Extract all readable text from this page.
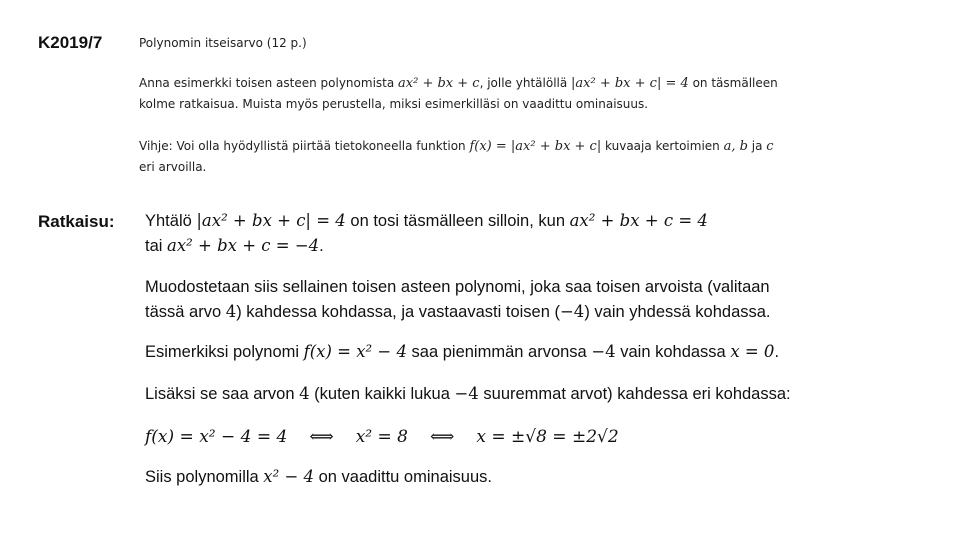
K2019/7	Polynomin itseisarvo (12 p.)
Anna esimerkki toisen asteen polynomista ax² + bx + c, jolle yhtälöllä |ax² + bx + c| = 4 on täsmälleen
kolme ratkaisua. Muista myös perustella, miksi esimerkilläsi on vaadittu ominaisuus.
Vihje: Voi olla hyödyllistä piirtää tietokoneella funktion f(x) = |ax² + bx + c| kuvaaja kertoimien a, b ja c
eri arvoilla.
Ratkaisu: Yhtälö |ax² + bx + c| = 4 on tosi täsmälleen silloin, kun ax² + bx + c = 4
tai ax² + bx + c = −4.
Muodostetaan siis sellainen toisen asteen polynomi, joka saa toisen arvoista (valitaan
tässä arvo 4) kahdessa kohdassa, ja vastaavasti toisen (−4) vain yhdessä kohdassa.
Esimerkiksi polynomi f(x) = x² − 4 saa pienimmän arvonsa −4 vain kohdassa x = 0.
Lisäksi se saa arvon 4 (kuten kaikki lukua −4 suuremmat arvot) kahdessa eri kohdassa:
f(x) = x² − 4 = 4 ⟺ x² = 8 ⟺ x = ±√8 = ±2√2
Siis polynomilla x² − 4 on vaadittu ominaisuus.
